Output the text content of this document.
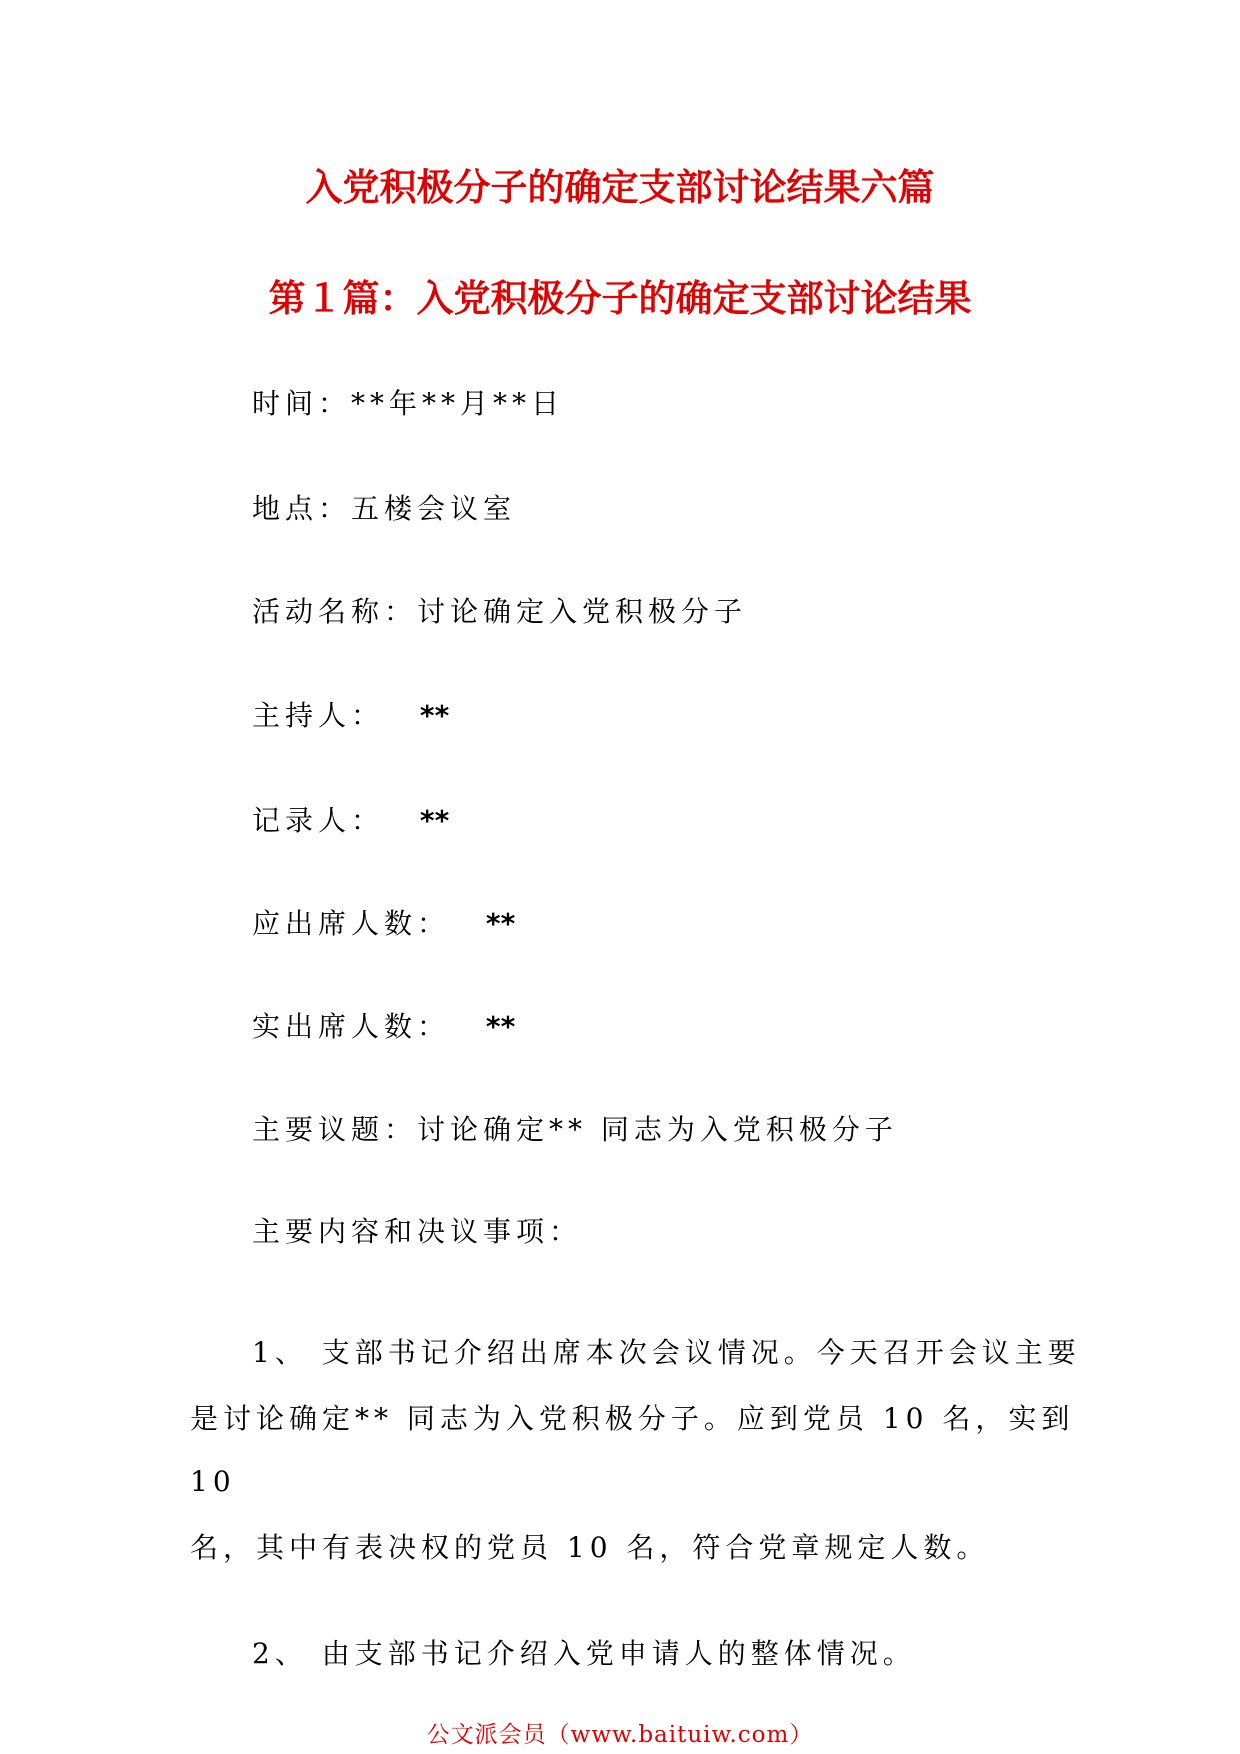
入党积极分子的确定支部讨论结果六篇
第１篇：入党积极分子的确定支部讨论结果
时间：**年**月**日
地点：五楼会议室
活动名称：讨论确定入党积极分子
主持人： **
记录人： **
应出席人数： **
实出席人数： **
主要议题：讨论确定** 同志为入党积极分子
主要内容和决议事项：
1、 支部书记介绍出席本次会议情况。今天召开会议主要
是讨论确定** 同志为入党积极分子。应到党员 10 名，实到
10
名，其中有表决权的党员 10 名，符合党章规定人数。
2、 由支部书记介绍入党申请人的整体情况。
公文派会员（www.baituiw.com）
